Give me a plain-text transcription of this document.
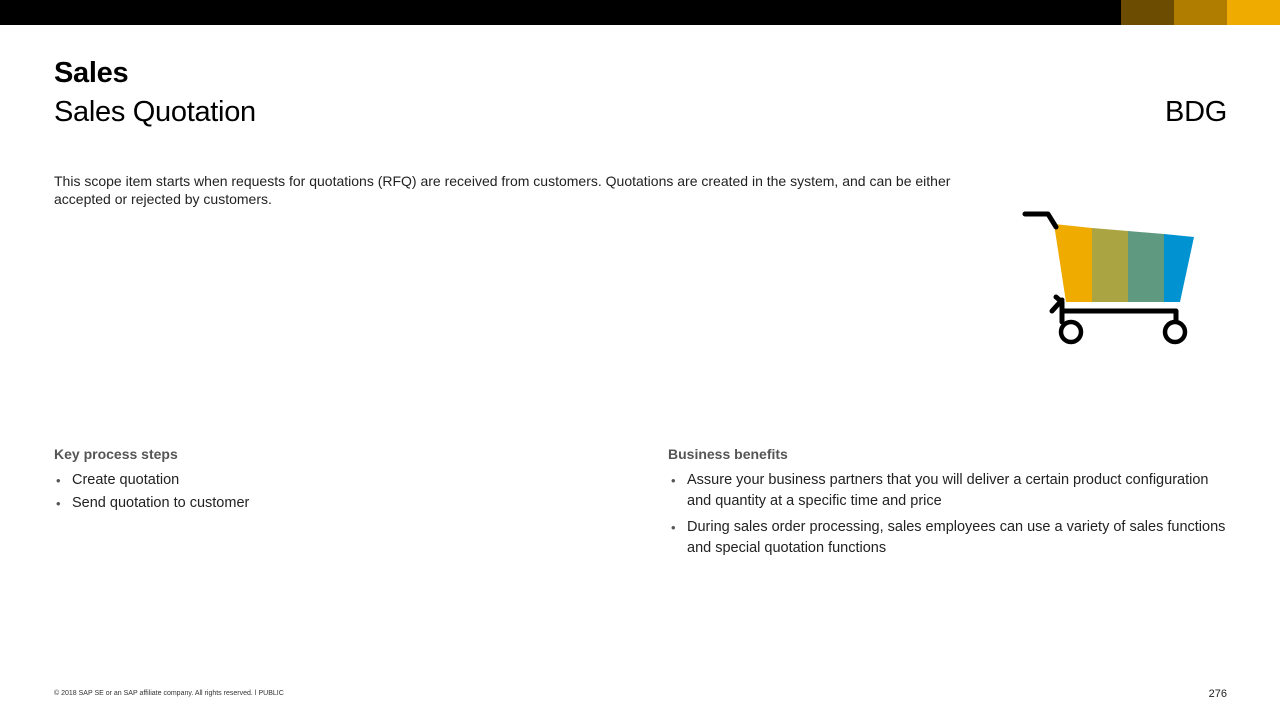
Sales
Sales Quotation	BDG
This scope item starts when requests for quotations (RFQ) are received from customers. Quotations are created in the system, and can be either accepted or rejected by customers.
Key process steps
• Create quotation
• Send quotation to customer
Business benefits
• Assure your business partners that you will deliver a certain product configuration and quantity at a specific time and price
• During sales order processing, sales employees can use a variety of sales functions and special quotation functions
© 2018 SAP SE or an SAP affiliate company. All rights reserved. ǀ PUBLIC	276
